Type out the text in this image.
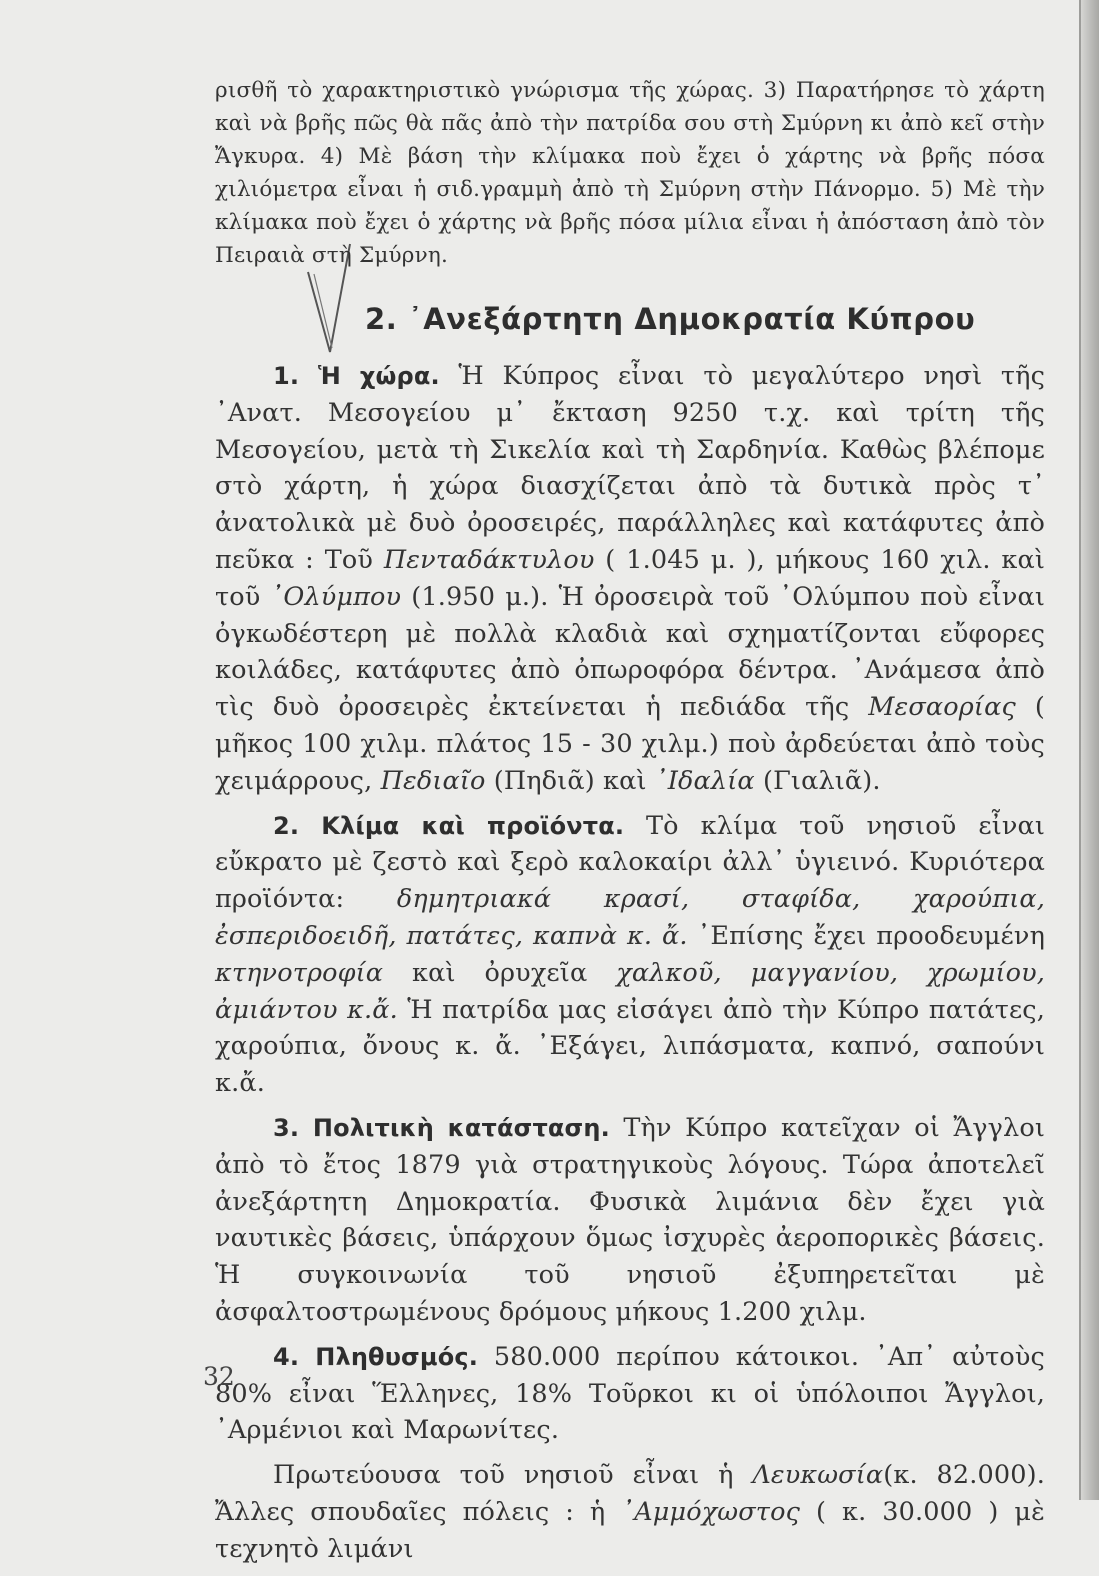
ρισθῆ τὸ χαρακτηριστικὸ γνώρισμα τῆς χώρας. 3) Παρατήρησε τὸ χάρτη καὶ νὰ βρῆς πῶς θὰ πᾶς ἀπὸ τὴν πατρίδα σου στὴ Σμύρνη κι ἀπὸ κεῖ στὴν Ἄγκυρα. 4) Μὲ βάση τὴν κλίμακα ποὺ ἔχει ὁ χάρτης νὰ βρῆς πόσα χιλιόμετρα εἶναι ἡ σιδ.γραμμὴ ἀπὸ τὴ Σμύρνη στὴν Πάνορμο. 5) Μὲ τὴν κλίμακα ποὺ ἔχει ὁ χάρτης νὰ βρῆς πόσα μίλια εἶναι ἡ ἀπόσταση ἀπὸ τὸν Πειραιὰ στὴ Σμύρνη.

2. ᾿Ανεξάρτητη Δημοκρατία Κύπρου

1. Ἡ χώρα. Ἡ Κύπρος εἶναι τὸ μεγαλύτερο νησὶ τῆς ᾿Ανατ. Μεσογείου μ᾿ ἔκταση 9250 τ.χ. καὶ τρίτη τῆς Μεσογείου, μετὰ τὴ Σικελία καὶ τὴ Σαρδηνία. Καθὼς βλέπομε στὸ χάρτη, ἡ χώρα διασχίζεται ἀπὸ τὰ δυτικὰ πρὸς τ᾿ ἀνατολικὰ μὲ δυὸ ὀροσειρές, παράλληλες καὶ κατάφυτες ἀπὸ πεῦκα : Τοῦ Πενταδάκτυλου ( 1.045 μ. ), μήκους 160 χιλ. καὶ τοῦ ᾿Ολύμπου (1.950 μ.). Ἡ ὀροσειρὰ τοῦ ᾿Ολύμπου ποὺ εἶναι ὀγκωδέστερη μὲ πολλὰ κλαδιὰ καὶ σχηματίζονται εὔφορες κοιλάδες, κατάφυτες ἀπὸ ὀπωροφόρα δέντρα. ᾿Ανάμεσα ἀπὸ τὶς δυὸ ὀροσειρὲς ἐκτείνεται ἡ πεδιάδα τῆς Μεσαορίας ( μῆκος 100 χιλμ. πλάτος 15 - 30 χιλμ.) ποὺ ἀρδεύεται ἀπὸ τοὺς χειμάρρους, Πεδιαῖο (Πηδιᾶ) καὶ ᾿Ιδαλία (Γιαλιᾶ).

2. Κλίμα καὶ προϊόντα. Τὸ κλίμα τοῦ νησιοῦ εἶναι εὔκρατο μὲ ζεστὸ καὶ ξερὸ καλοκαίρι ἀλλ᾿ ὑγιεινό. Κυριότερα προϊόντα: δημητριακά κρασί, σταφίδα, χαρούπια, ἐσπεριδοειδῆ, πατάτες, καπνὰ κ. ἄ. ᾿Επίσης ἔχει προοδευμένη κτηνοτροφία καὶ ὀρυχεῖα χαλκοῦ, μαγγανίου, χρωμίου, ἀμιάντου κ.ἄ. Ἡ πατρίδα μας εἰσάγει ἀπὸ τὴν Κύπρο πατάτες, χαρούπια, ὄνους κ. ἄ. ᾿Εξάγει, λιπάσματα, καπνό, σαπούνι κ.ἄ.

3. Πολιτικὴ κατάσταση. Τὴν Κύπρο κατεῖχαν οἱ Ἄγγλοι ἀπὸ τὸ ἔτος 1879 γιὰ στρατηγικοὺς λόγους. Τώρα ἀποτελεῖ ἀνεξάρτητη Δημοκρατία. Φυσικὰ λιμάνια δὲν ἔχει γιὰ ναυτικὲς βάσεις, ὑπάρχουν ὅμως ἰσχυρὲς ἀεροπορικὲς βάσεις. Ἡ συγκοινωνία τοῦ νησιοῦ ἐξυπηρετεῖται μὲ ἀσφαλτοστρωμένους δρόμους μήκους 1.200 χιλμ.

4. Πληθυσμός. 580.000 περίπου κάτοικοι. ᾿Απ᾿ αὐτοὺς 80% εἶναι Ἕλληνες, 18% Τοῦρκοι κι οἱ ὑπόλοιποι Ἄγγλοι, ᾿Αρμένιοι καὶ Μαρωνίτες.

Πρωτεύουσα τοῦ νησιοῦ εἶναι ἡ Λευκωσία(κ. 82.000). Ἄλλες σπουδαῖες πόλεις : ἡ ᾿Αμμόχωστος ( κ. 30.000 ) μὲ τεχνητὸ λιμάνι

32
